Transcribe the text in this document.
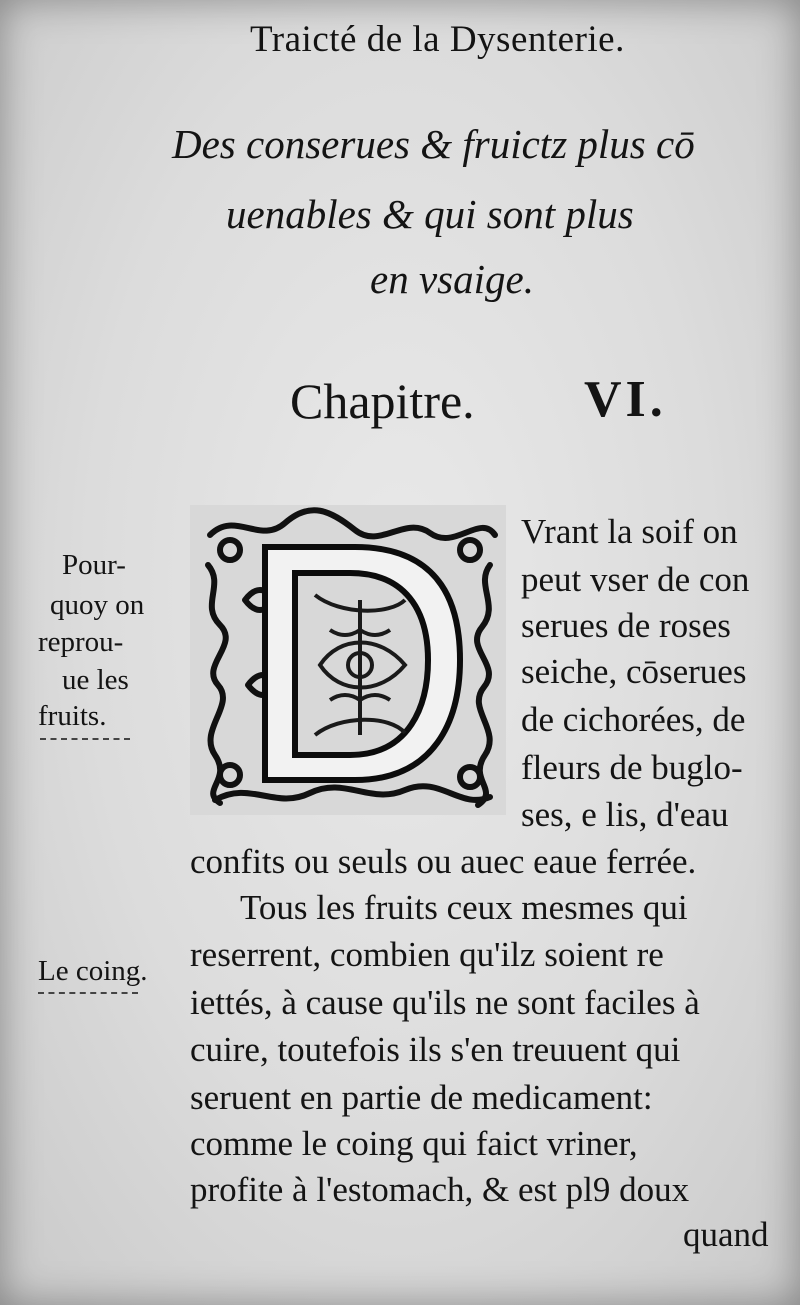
Traicté de la Dysenterie.
Des conserues & fruictz plus cō
uenables & qui sont plus
en vsaige.
Chapitre. VI.
Vrant la soif on
peut vser de con
serues de roses
seiche, cōserues
de cichorées, de
fleurs de buglo-
ses, e lis, d'eau
confits ou seuls ou auec eaue ferrée.
Tous les fruits ceux mesmes qui
reserrent, combien qu'ilz soient re
iettés, à cause qu'ils ne sont faciles à
cuire, toutefois ils s'en treuuent qui
seruent en partie de medicament:
comme le coing qui faict vriner,
profite à l'estomach, & est pl9 doux
quand
Pour-
quoy on
reprou-
ue les
fruits.
Le coing.
